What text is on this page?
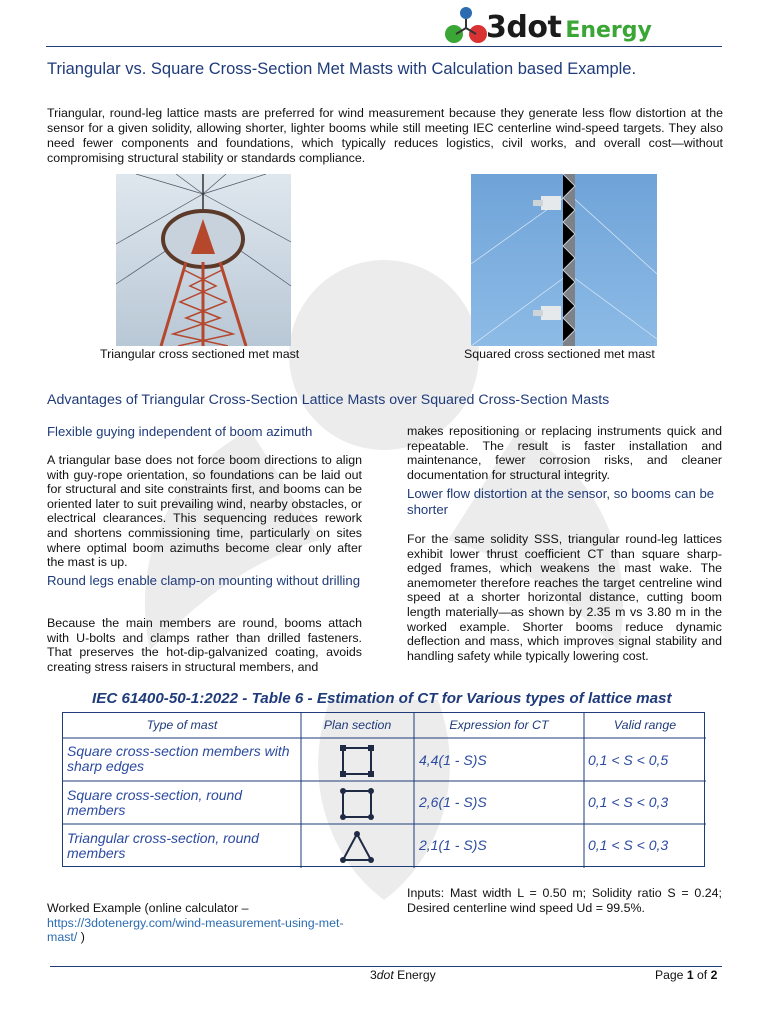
3dot Energy
Triangular vs. Square Cross-Section Met Masts with Calculation based Example.
Triangular, round-leg lattice masts are preferred for wind measurement because they generate less flow distortion at the sensor for a given solidity, allowing shorter, lighter booms while still meeting IEC centerline wind-speed targets. They also need fewer components and foundations, which typically reduces logistics, civil works, and overall cost—without compromising structural stability or standards compliance.
Triangular cross sectioned met mast	Squared cross sectioned met mast
Advantages of Triangular Cross-Section Lattice Masts over Squared Cross-Section Masts
Flexible guying independent of boom azimuth
A triangular base does not force boom directions to align with guy-rope orientation, so foundations can be laid out for structural and site constraints first, and booms can be oriented later to suit prevailing wind, nearby obstacles, or electrical clearances. This sequencing reduces rework and shortens commissioning time, particularly on sites where optimal boom azimuths become clear only after the mast is up.
Round legs enable clamp-on mounting without drilling
Because the main members are round, booms attach with U-bolts and clamps rather than drilled fasteners. That preserves the hot-dip-galvanized coating, avoids creating stress raisers in structural members, and
makes repositioning or replacing instruments quick and repeatable. The result is faster installation and maintenance, fewer corrosion risks, and cleaner documentation for structural integrity.
Lower flow distortion at the sensor, so booms can be shorter
For the same solidity SSS, triangular round-leg lattices exhibit lower thrust coefficient CT than square sharp-edged frames, which weakens the mast wake. The anemometer therefore reaches the target centreline wind speed at a shorter horizontal distance, cutting boom length materially—as shown by 2.35 m vs 3.80 m in the worked example. Shorter booms reduce dynamic deflection and mass, which improves signal stability and handling safety while typically lowering cost.
IEC 61400-50-1:2022 - Table 6 - Estimation of CT for Various types of lattice mast
Type of mast	Plan section	Expression for CT	Valid range
Square cross-section members with sharp edges	4,4(1 - S)S	0,1 < S < 0,5
Square cross-section, round members	2,6(1 - S)S	0,1 < S < 0,3
Triangular cross-section, round members	2,1(1 - S)S	0,1 < S < 0,3
Worked Example (online calculator –
https://3dotenergy.com/wind-measurement-using-met-mast/ )
Inputs: Mast width L = 0.50 m; Solidity ratio S = 0.24; Desired centerline wind speed Ud = 99.5%.
3dot Energy	Page 1 of 2
